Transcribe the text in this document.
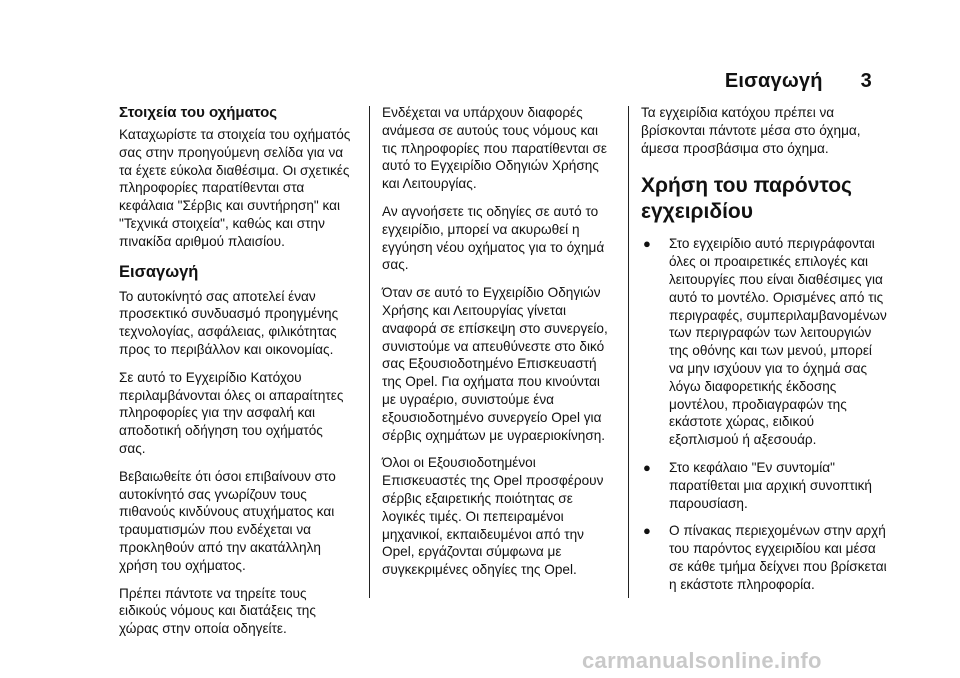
Εισαγωγή 3
Στοιχεία του οχήματος

Καταχωρίστε τα στοιχεία του οχήματός σας στην προηγούμενη σελίδα για να τα έχετε εύκολα διαθέσιμα. Οι σχετικές πληροφορίες παρατίθενται στα κεφάλαια "Σέρβις και συντήρηση" και "Τεχνικά στοιχεία", καθώς και στην πινακίδα αριθμού πλαισίου.

Εισαγωγή

Το αυτοκίνητό σας αποτελεί έναν προσεκτικό συνδυασμό προηγμένης τεχνολογίας, ασφάλειας, φιλικότητας προς το περιβάλλον και οικονομίας.

Σε αυτό το Εγχειρίδιο Κατόχου περιλαμβάνονται όλες οι απαραίτητες πληροφορίες για την ασφαλή και αποδοτική οδήγηση του οχήματός σας.

Βεβαιωθείτε ότι όσοι επιβαίνουν στο αυτοκίνητό σας γνωρίζουν τους πιθανούς κινδύνους ατυχήματος και τραυματισμών που ενδέχεται να προκληθούν από την ακατάλληλη χρήση του οχήματος.

Πρέπει πάντοτε να τηρείτε τους ειδικούς νόμους και διατάξεις της χώρας στην οποία οδηγείτε.

Ενδέχεται να υπάρχουν διαφορές ανάμεσα σε αυτούς τους νόμους και τις πληροφορίες που παρατίθενται σε αυτό το Εγχειρίδιο Οδηγιών Χρήσης και Λειτουργίας.

Αν αγνοήσετε τις οδηγίες σε αυτό το εγχειρίδιο, μπορεί να ακυρωθεί η εγγύηση νέου οχήματος για το όχημά σας.

Όταν σε αυτό το Εγχειρίδιο Οδηγιών Χρήσης και Λειτουργίας γίνεται αναφορά σε επίσκεψη στο συνεργείο, συνιστούμε να απευθύνεστε στο δικό σας Εξουσιοδοτημένο Επισκευαστή της Opel. Για οχήματα που κινούνται με υγραέριο, συνιστούμε ένα εξουσιοδοτημένο συνεργείο Opel για σέρβις οχημάτων με υγραεριοκίνηση.

Όλοι οι Εξουσιοδοτημένοι Επισκευαστές της Opel προσφέρουν σέρβις εξαιρετικής ποιότητας σε λογικές τιμές. Οι πεπειραμένοι μηχανικοί, εκπαιδευμένοι από την Opel, εργάζονται σύμφωνα με συγκεκριμένες οδηγίες της Opel.

Τα εγχειρίδια κατόχου πρέπει να βρίσκονται πάντοτε μέσα στο όχημα, άμεσα προσβάσιμα στο όχημα.

Χρήση του παρόντος εγχειριδίου
● Στο εγχειρίδιο αυτό περιγράφονται όλες οι προαιρετικές επιλογές και λειτουργίες που είναι διαθέσιμες για αυτό το μοντέλο. Ορισμένες από τις περιγραφές, συμπεριλαμβανομένων των περιγραφών των λειτουργιών της οθόνης και των μενού, μπορεί να μην ισχύουν για το όχημά σας λόγω διαφορετικής έκδοσης μοντέλου, προδιαγραφών της εκάστοτε χώρας, ειδικού εξοπλισμού ή αξεσουάρ.
● Στο κεφάλαιο "Εν συντομία" παρατίθεται μια αρχική συνοπτική παρουσίαση.
● Ο πίνακας περιεχομένων στην αρχή του παρόντος εγχειριδίου και μέσα σε κάθε τμήμα δείχνει που βρίσκεται η εκάστοτε πληροφορία.
carmanualsonline.info
